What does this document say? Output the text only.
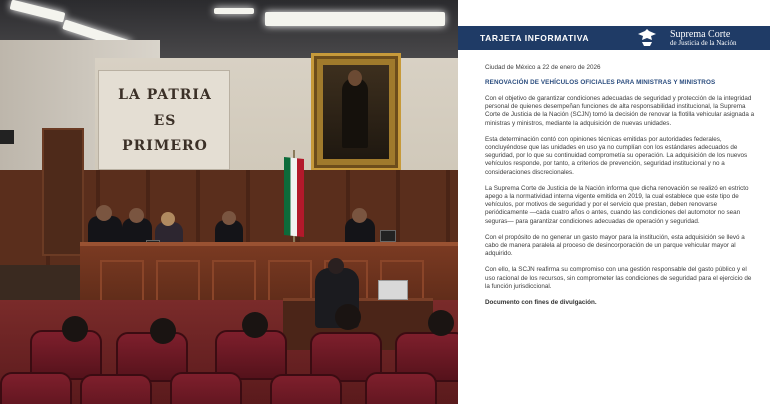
LA PATRIA
ES
PRIMERO
TARJETA INFORMATIVA	Suprema Corte
de Justicia de la Nación
Ciudad de México a 22 de enero de 2026
RENOVACIÓN DE VEHÍCULOS OFICIALES PARA MINISTRAS Y MINISTROS

Con el objetivo de garantizar condiciones adecuadas de seguridad y protección de la integridad personal de quienes desempeñan funciones de alta responsabilidad institucional, la Suprema Corte de Justicia de la Nación (SCJN) tomó la decisión de renovar la flotilla vehicular asignada a ministras y ministros, mediante la adquisición de nuevas unidades.

Esta determinación contó con opiniones técnicas emitidas por autoridades federales, concluyéndose que las unidades en uso ya no cumplían con los estándares adecuados de seguridad, por lo que su continuidad comprometía su operación. La adquisición de los nuevos vehículos responde, por tanto, a criterios de prevención, seguridad institucional y no a consideraciones discrecionales.

La Suprema Corte de Justicia de la Nación informa que dicha renovación se realizó en estricto apego a la normatividad interna vigente emitida en 2019, la cual establece que este tipo de vehículos, por motivos de seguridad y por el servicio que prestan, deben renovarse periódicamente —cada cuatro años o antes, cuando las condiciones del automotor no sean seguras— para garantizar condiciones adecuadas de operación y seguridad.

Con el propósito de no generar un gasto mayor para la institución, esta adquisición se llevó a cabo de manera paralela al proceso de desincorporación de un parque vehicular mayor al adquirido.

Con ello, la SCJN reafirma su compromiso con una gestión responsable del gasto público y el uso racional de los recursos, sin comprometer las condiciones de seguridad para el ejercicio de la función jurisdiccional.

Documento con fines de divulgación.
